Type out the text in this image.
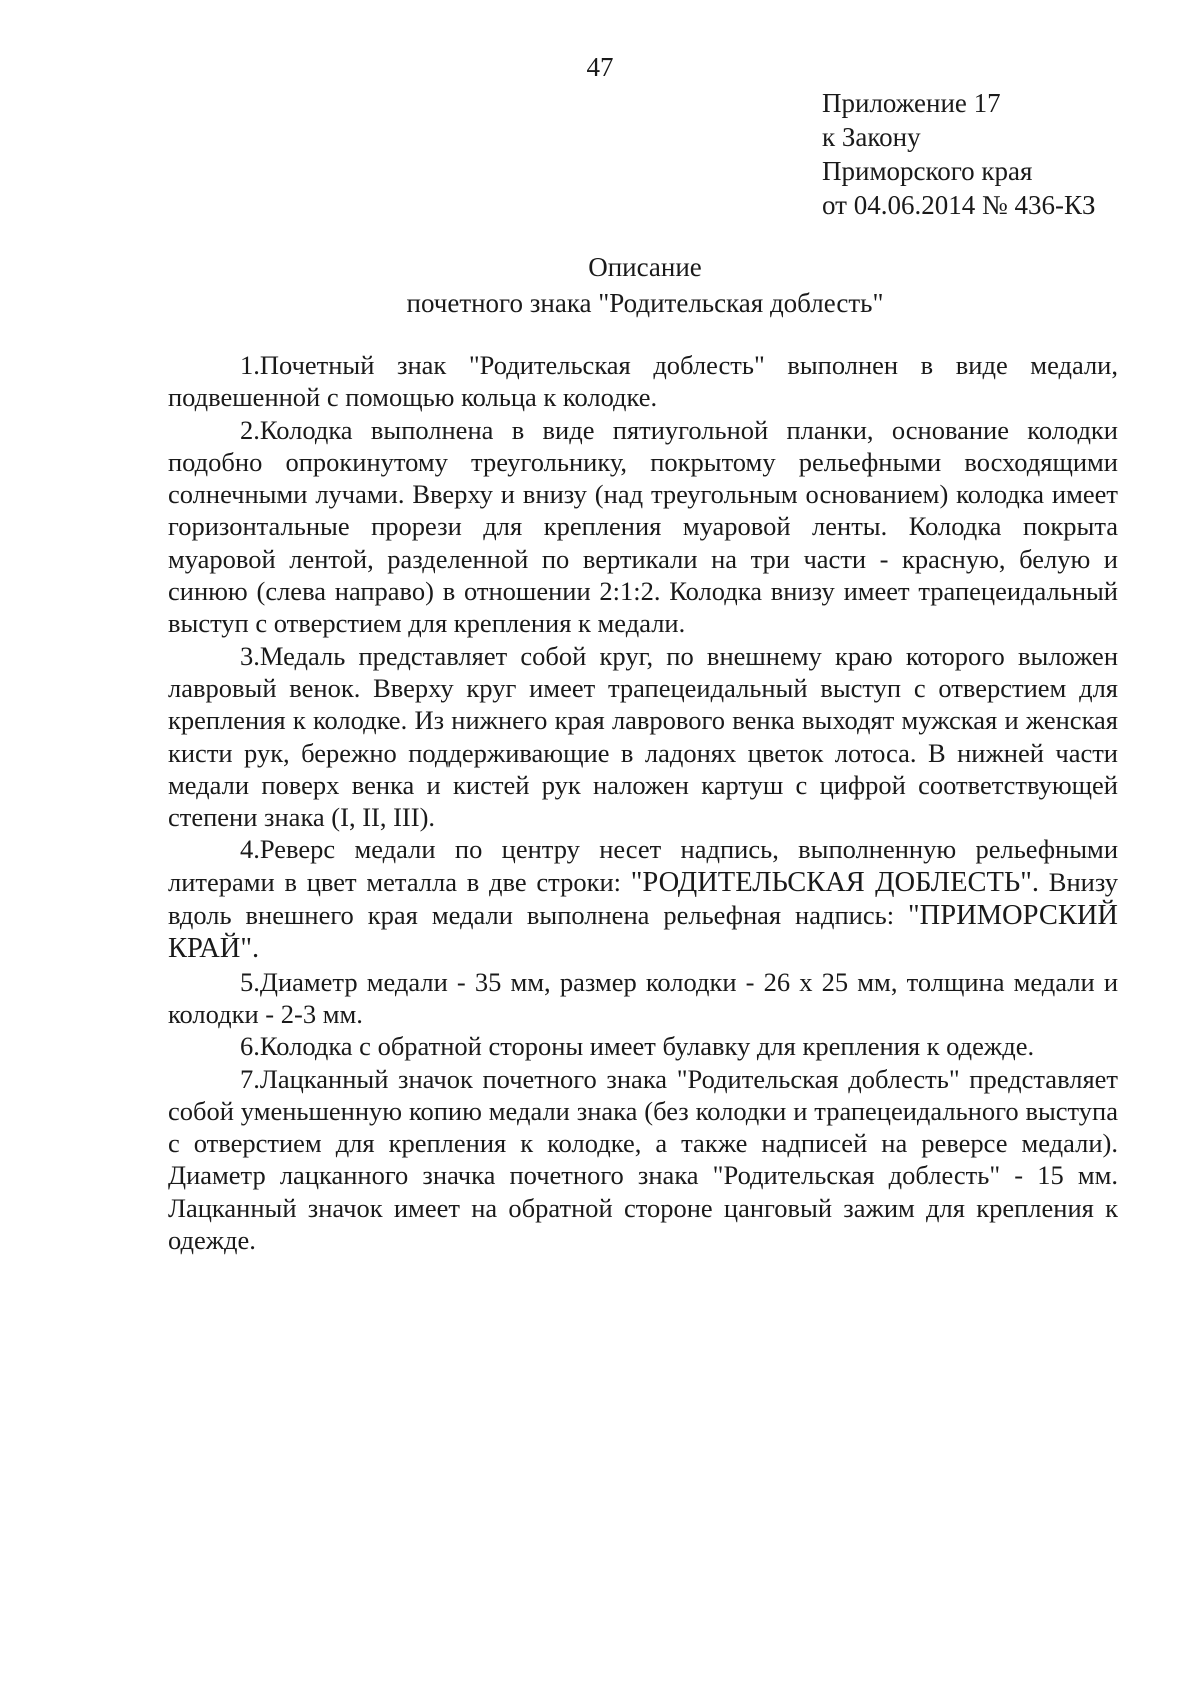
47
Приложение 17
к Закону
Приморского края
от 04.06.2014 № 436-КЗ
Описание
почетного знака "Родительская доблесть"

1.Почетный знак "Родительская доблесть" выполнен в виде медали, подвешенной с помощью кольца к колодке.

2.Колодка выполнена в виде пятиугольной планки, основание колодки подобно опрокинутому треугольнику, покрытому рельефными восходящими солнечными лучами. Вверху и внизу (над треугольным основанием) колодка имеет горизонтальные прорези для крепления муаровой ленты. Колодка покрыта муаровой лентой, разделенной по вертикали на три части - красную, белую и синюю (слева направо) в отношении 2:1:2. Колодка внизу имеет трапецеидальный выступ с отверстием для крепления к медали.

3.Медаль представляет собой круг, по внешнему краю которого выложен лавровый венок. Вверху круг имеет трапецеидальный выступ с отверстием для крепления к колодке. Из нижнего края лаврового венка выходят мужская и женская кисти рук, бережно поддерживающие в ладонях цветок лотоса. В нижней части медали поверх венка и кистей рук наложен картуш с цифрой соответствующей степени знака (I, II, III).

4.Реверс медали по центру несет надпись, выполненную рельефными литерами в цвет металла в две строки: "РОДИТЕЛЬСКАЯ ДОБЛЕСТЬ". Внизу вдоль внешнего края медали выполнена рельефная надпись: "ПРИМОРСКИЙ КРАЙ".

5.Диаметр медали - 35 мм, размер колодки - 26 х 25 мм, толщина медали и колодки - 2-3 мм.

6.Колодка с обратной стороны имеет булавку для крепления к одежде.

7.Лацканный значок почетного знака "Родительская доблесть" представляет собой уменьшенную копию медали знака (без колодки и трапецеидального выступа с отверстием для крепления к колодке, а также надписей на реверсе медали). Диаметр лацканного значка почетного знака "Родительская доблесть" - 15 мм. Лацканный значок имеет на обратной стороне цанговый зажим для крепления к одежде.
